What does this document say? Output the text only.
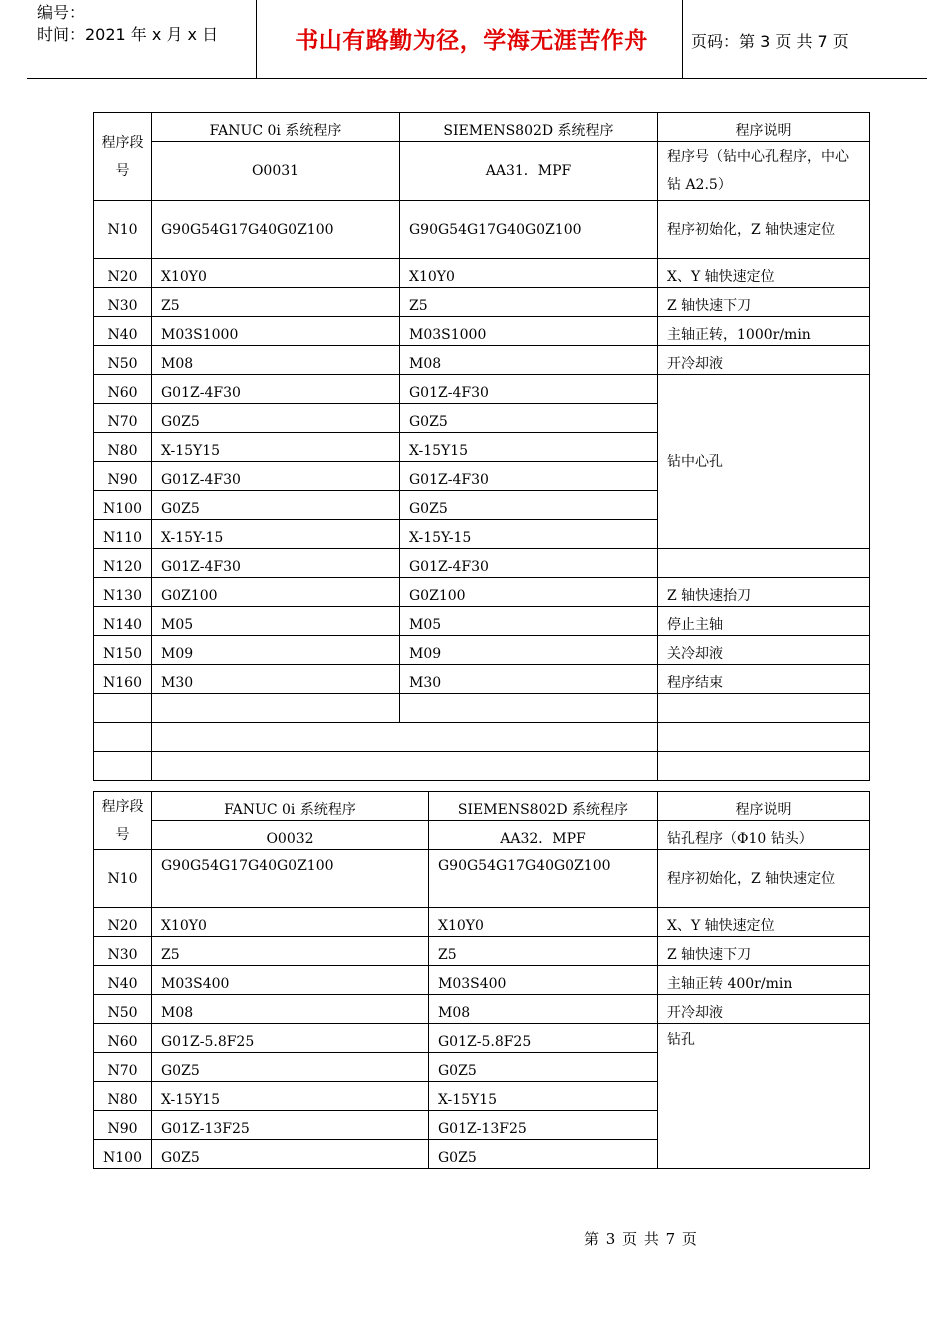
编号：
时间：2021 年 x 月 x 日	书山有路勤为径，学海无涯苦作舟	页码：第 3 页 共 7 页
程序段号	FANUC 0i 系统程序	SIEMENS802D 系统程序	程序说明
	O0031	AA31．MPF	程序号（钻中心孔程序，中心钻 A2.5）
N10	G90G54G17G40G0Z100	G90G54G17G40G0Z100	程序初始化，Z 轴快速定位
N20	X10Y0	X10Y0	X、Y 轴快速定位
N30	Z5	Z5	Z 轴快速下刀
N40	M03S1000	M03S1000	主轴正转，1000r/min
N50	M08	M08	开冷却液
N60	G01Z-4F30	G01Z-4F30	钻中心孔
N70	G0Z5	G0Z5	
N80	X-15Y15	X-15Y15	
N90	G01Z-4F30	G01Z-4F30	
N100	G0Z5	G0Z5	
N110	X-15Y-15	X-15Y-15	
N120	G01Z-4F30	G01Z-4F30	
N130	G0Z100	G0Z100	Z 轴快速抬刀
N140	M05	M05	停止主轴
N150	M09	M09	关冷却液
N160	M30	M30	程序结束

程序段号	FANUC 0i 系统程序	SIEMENS802D 系统程序	程序说明
	O0032	AA32．MPF	钻孔程序（Φ10 钻头）
N10	G90G54G17G40G0Z100	G90G54G17G40G0Z100	程序初始化，Z 轴快速定位
N20	X10Y0	X10Y0	X、Y 轴快速定位
N30	Z5	Z5	Z 轴快速下刀
N40	M03S400	M03S400	主轴正转 400r/min
N50	M08	M08	开冷却液
N60	G01Z-5.8F25	G01Z-5.8F25	钻孔
N70	G0Z5	G0Z5	
N80	X-15Y15	X-15Y15	
N90	G01Z-13F25	G01Z-13F25	
N100	G0Z5	G0Z5	
第 3 页 共 7 页
